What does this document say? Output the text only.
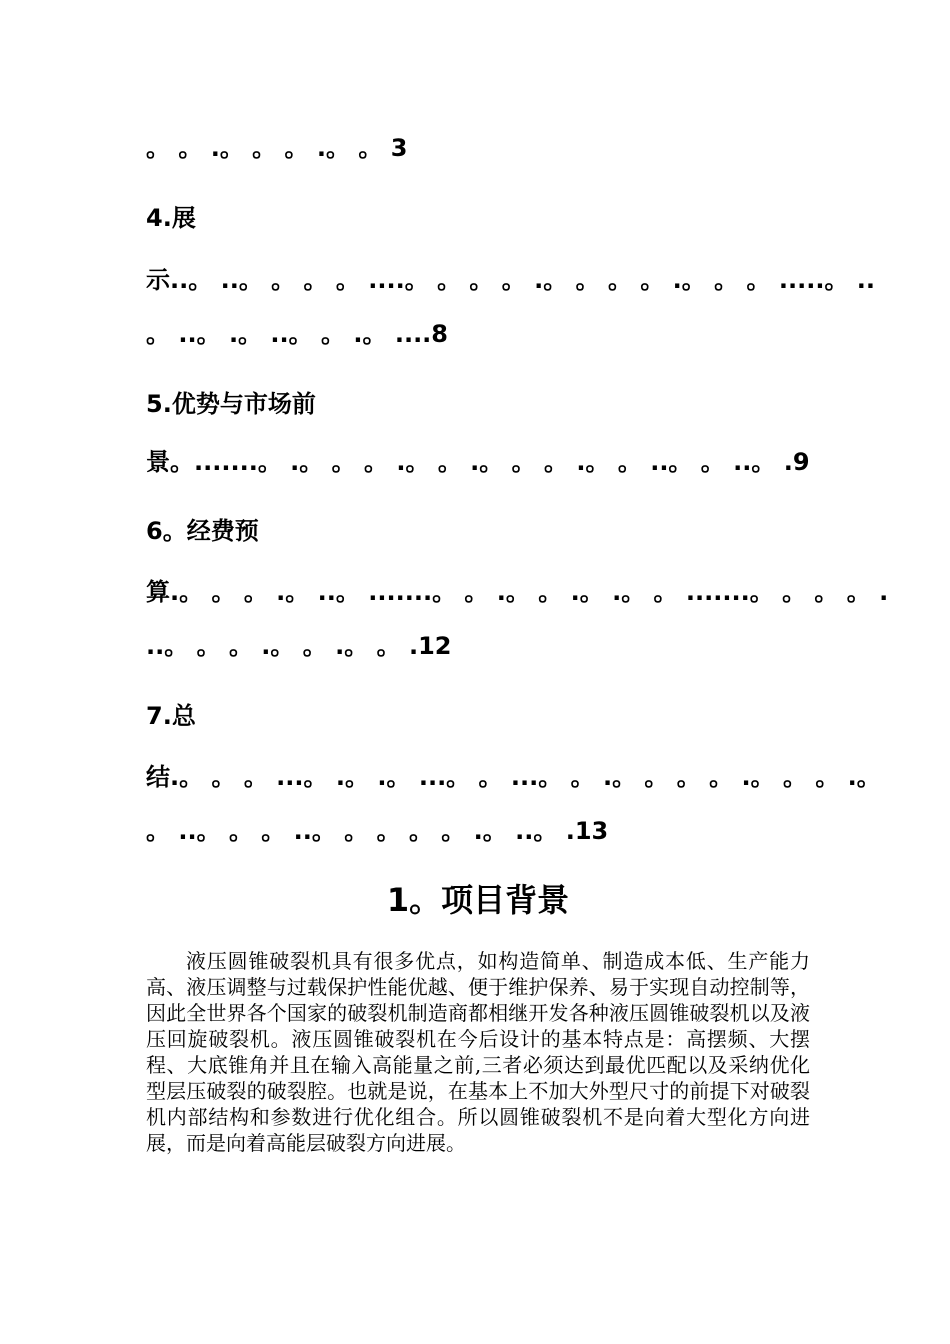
。 。 .。 。 。 .。 。 3
4.展
示..。 ..。 。 。 。 ....。 。 。 。 .。 。 。 。 .。 。 。 .....。 ..
。 ..。 .。 ..。 。 .。 ....8
5.优势与市场前
景。.......。 .。 。 。 .。 。 .。 。 。 .。 。 ..。 。 ..。 .9
6。经费预
算.。 。 。 .。 ..。 .......。 。 .。 。 .。 .。 。 .......。 。 。 。 .
..。 。 。 .。 。 .。 。 .12
7.总
结.。 。 。 ...。 .。 .。 ...。 。 ...。 。 .。 。 。 。 .。 。 。 .。
。 ..。 。 。 ..。 。 。 。 。 .。 ..。 .13
1。项目背景

液压圆锥破裂机具有很多优点，如构造简单、制造成本低、生产能力高、液压调整与过载保护性能优越、便于维护保养、易于实现自动控制等，因此全世界各个国家的破裂机制造商都相继开发各种液压圆锥破裂机以及液压回旋破裂机。液压圆锥破裂机在今后设计的基本特点是：高摆频、大摆程、大底锥角并且在输入高能量之前,三者必须达到最优匹配以及采纳优化型层压破裂的破裂腔。也就是说，在基本上不加大外型尺寸的前提下对破裂机内部结构和参数进行优化组合。所以圆锥破裂机不是向着大型化方向进展，而是向着高能层破裂方向进展。
